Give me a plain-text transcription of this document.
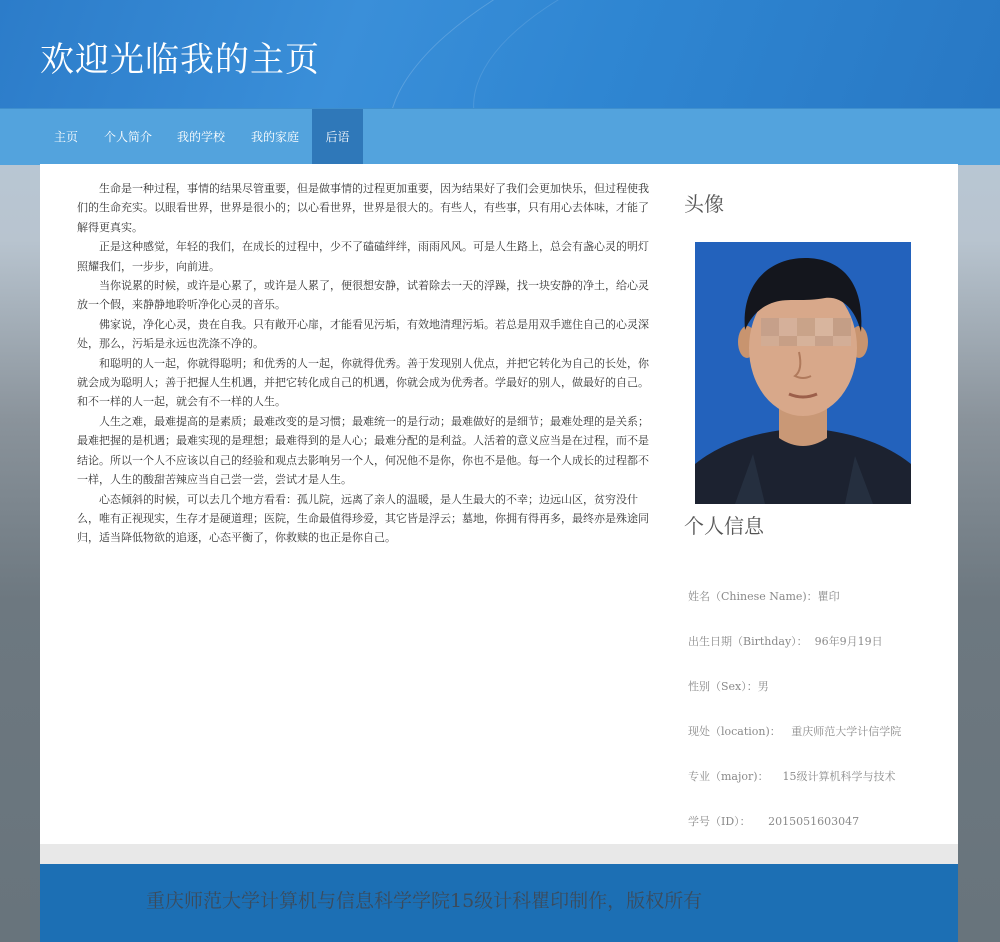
欢迎光临我的主页
主页	个人简介	我的学校	我的家庭	后语

生命是一种过程，事情的结果尽管重要，但是做事情的过程更加重要，因为结果好了我们会更加快乐，但过程使我们的生命充实。以眼看世界，世界是很小的；以心看世界，世界是很大的。有些人，有些事，只有用心去体味，才能了解得更真实。

正是这种感觉，年轻的我们，在成长的过程中，少不了磕磕绊绊，雨雨风风。可是人生路上，总会有盏心灵的明灯照耀我们，一步步，向前进。

当你说累的时候，或许是心累了，或许是人累了，便很想安静，试着除去一天的浮躁，找一块安静的净土，给心灵放一个假，来静静地聆听净化心灵的音乐。

佛家说，净化心灵，贵在自我。只有敞开心扉，才能看见污垢，有效地清理污垢。若总是用双手遮住自己的心灵深处，那么，污垢是永远也洗涤不净的。

和聪明的人一起，你就得聪明；和优秀的人一起，你就得优秀。善于发现别人优点，并把它转化为自己的长处，你就会成为聪明人；善于把握人生机遇，并把它转化成自己的机遇，你就会成为优秀者。学最好的别人，做最好的自己。和不一样的人一起，就会有不一样的人生。

人生之难，最难提高的是素质；最难改变的是习惯；最难统一的是行动；最难做好的是细节；最难处理的是关系；最难把握的是机遇；最难实现的是理想；最难得到的是人心；最难分配的是利益。人活着的意义应当是在过程，而不是结论。所以一个人不应该以自己的经验和观点去影响另一个人，何况他不是你，你也不是他。每一个人成长的过程都不一样，人生的酸甜苦辣应当自己尝一尝，尝试才是人生。

心态倾斜的时候，可以去几个地方看看：孤儿院，远离了亲人的温暖，是人生最大的不幸；边远山区，贫穷没什么，唯有正视现实，生存才是硬道理；医院，生命最值得珍爱，其它皆是浮云；墓地，你拥有得再多，最终亦是殊途同归，适当降低物欲的追逐，心态平衡了，你救赎的也正是你自己。

头像
个人信息

姓名（Chinese Name)：瞿印

出生日期（Birthday）：  96年9月19日

性别（Sex）：男

现处（location)：   重庆师范大学计信学院

专业（major)：    15级计算机科学与技术

学号（ID）：     2015051603047

重庆师范大学计算机与信息科学学院15级计科瞿印制作，版权所有
